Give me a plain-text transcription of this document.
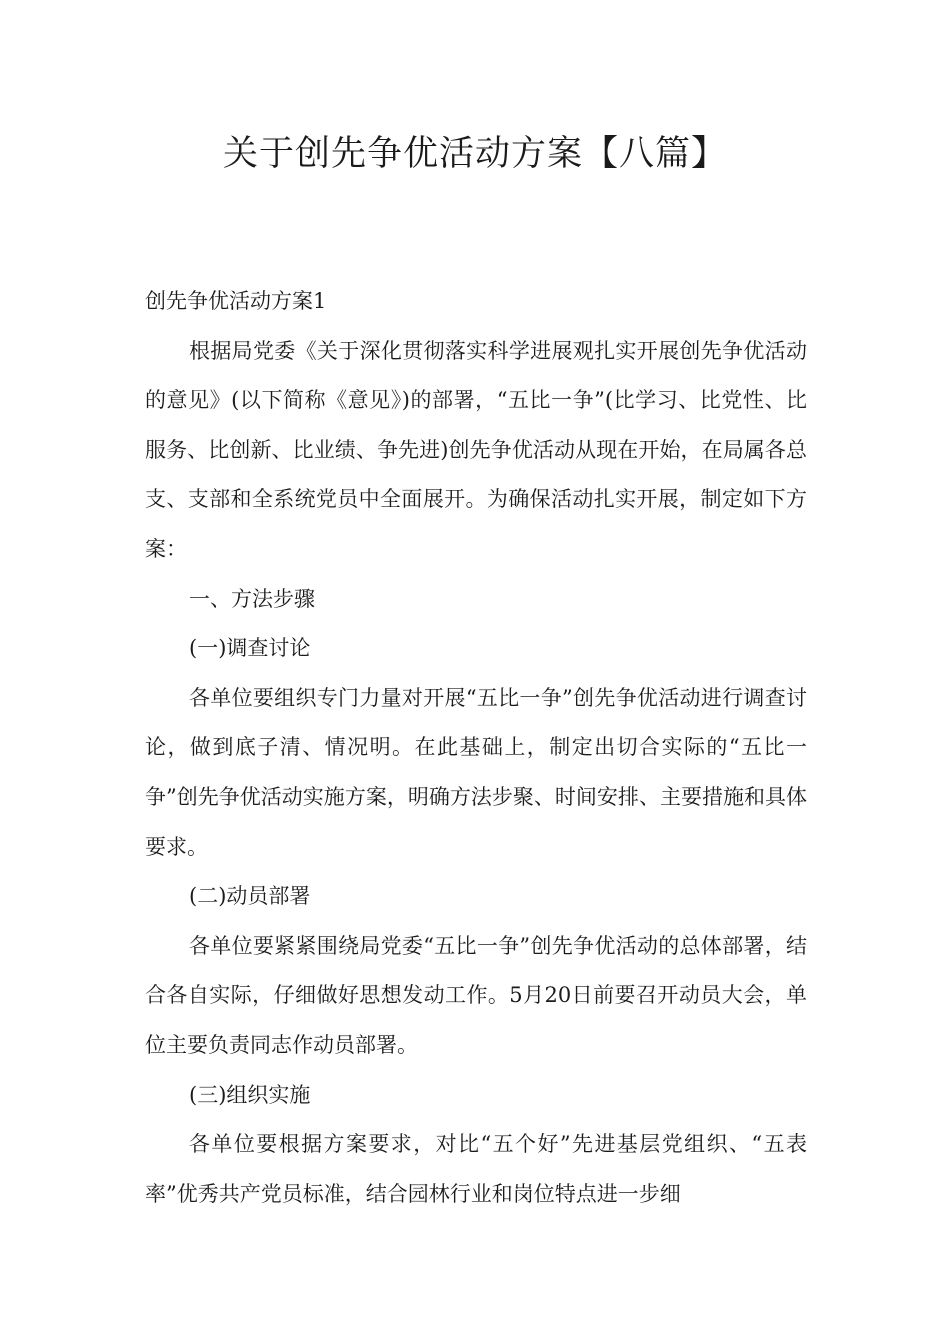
关于创先争优活动方案【八篇】

创先争优活动方案1

根据局党委《关于深化贯彻落实科学进展观扎实开展创先争优活动的意见》(以下简称《意见》)的部署，“五比一争”(比学习、比党性、比服务、比创新、比业绩、争先进)创先争优活动从现在开始，在局属各总支、支部和全系统党员中全面展开。为确保活动扎实开展，制定如下方案：

一、方法步骤

(一)调查讨论

各单位要组织专门力量对开展“五比一争”创先争优活动进行调查讨论，做到底子清、情况明。在此基础上，制定出切合实际的“五比一争”创先争优活动实施方案，明确方法步聚、时间安排、主要措施和具体要求。

(二)动员部署

各单位要紧紧围绕局党委“五比一争”创先争优活动的总体部署，结合各自实际，仔细做好思想发动工作。5月20日前要召开动员大会，单位主要负责同志作动员部署。

(三)组织实施

各单位要根据方案要求，对比“五个好”先进基层党组织、“五表率”优秀共产党员标准，结合园林行业和岗位特点进一步细
